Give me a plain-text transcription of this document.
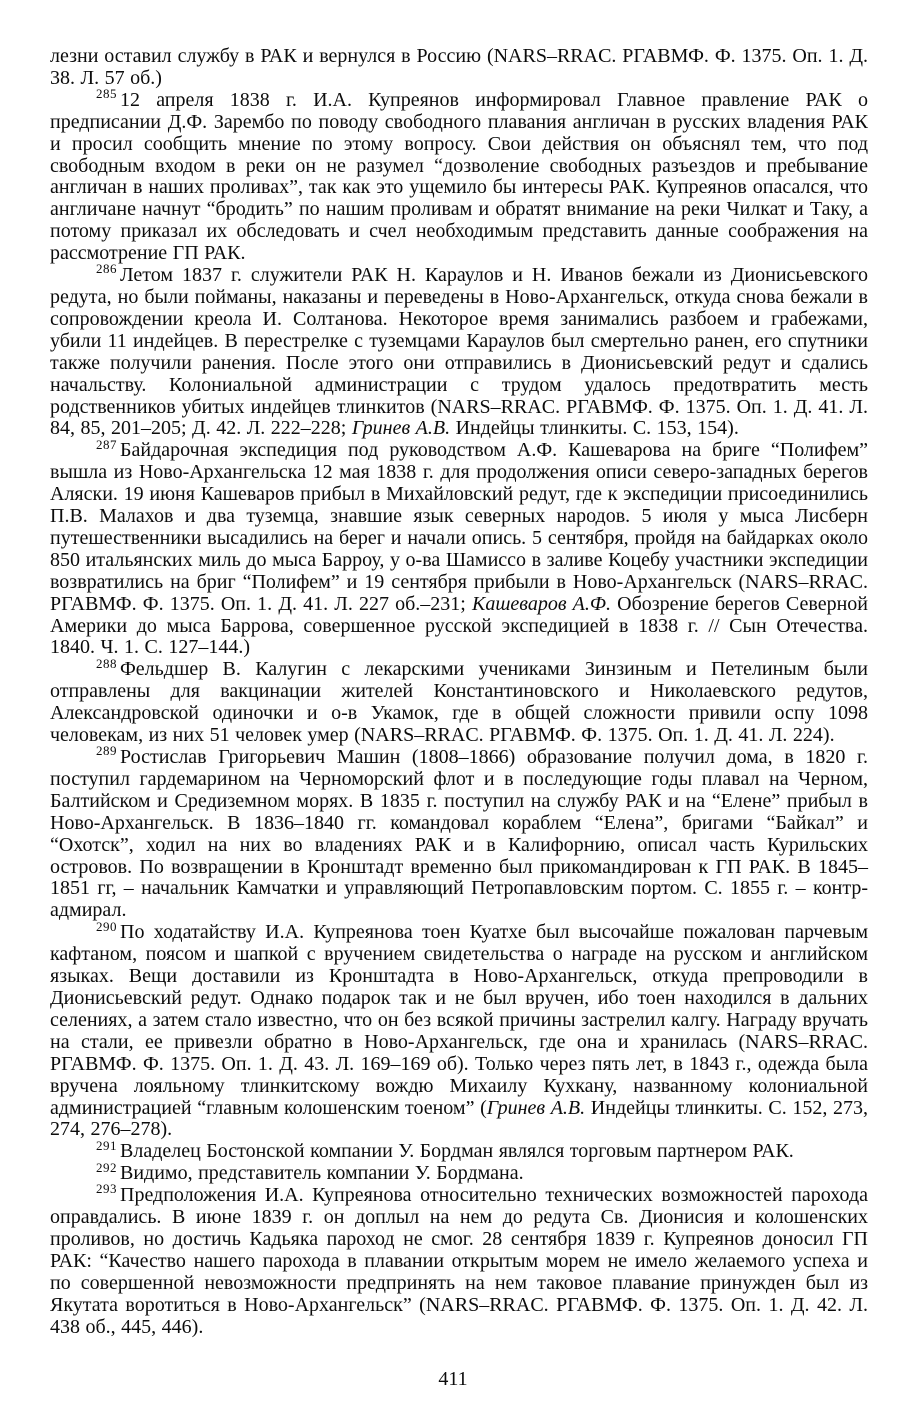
лезни оставил службу в РАК и вернулся в Россию (NARS–RRAC. РГАВМФ. Ф. 1375. Оп. 1. Д. 38. Л. 57 об.)

$^{285}$ 12 апреля 1838 г. И.А. Купреянов информировал Главное правление РАК о предписании Д.Ф. Зарембо по поводу свободного плавания англичан в русских владения РАК и просил сообщить мнение по этому вопросу. Свои действия он объяснял тем, что под свободным входом в реки он не разумел “дозволение свободных разъездов и пребывание англичан в наших проливах”, так как это ущемило бы интересы РАК. Купреянов опасался, что англичане начнут “бродить” по нашим проливам и обратят внимание на реки Чилкат и Таку, а потому приказал их обследовать и счел необходимым представить данные соображения на рассмотрение ГП РАК.

$^{286}$ Летом 1837 г. служители РАК Н. Караулов и Н. Иванов бежали из Дионисьевского редута, но были пойманы, наказаны и переведены в Ново-Архангельск, откуда снова бежали в сопровождении креола И. Солтанова. Некоторое время занимались разбоем и грабежами, убили 11 индейцев. В перестрелке с туземцами Караулов был смертельно ранен, его спутники также получили ранения. После этого они отправились в Дионисьевский редут и сдались начальству. Колониальной администрации с трудом удалось предотвратить месть родственников убитых индейцев тлинкитов (NARS–RRAC. РГАВМФ. Ф. 1375. Оп. 1. Д. 41. Л. 84, 85, 201–205; Д. 42. Л. 222–228; Гринев А.В. Индейцы тлинкиты. С. 153, 154).

$^{287}$ Байдарочная экспедиция под руководством А.Ф. Кашеварова на бриге “Полифем” вышла из Ново-Архангельска 12 мая 1838 г. для продолжения описи северо-западных берегов Аляски. 19 июня Кашеваров прибыл в Михайловский редут, где к экспедиции присоединились П.В. Малахов и два туземца, знавшие язык северных народов. 5 июля у мыса Лисберн путешественники высадились на берег и начали опись. 5 сентября, пройдя на байдарках около 850 итальянских миль до мыса Барроу, у о-ва Шамиссо в заливе Коцебу участники экспедиции возвратились на бриг “Полифем” и 19 сентября прибыли в Ново-Архангельск (NARS–RRAC. РГАВМФ. Ф. 1375. Оп. 1. Д. 41. Л. 227 об.–231; Кашеваров А.Ф. Обозрение берегов Северной Америки до мыса Баррова, совершенное русской экспедицией в 1838 г. // Сын Отечества. 1840. Ч. 1. С. 127–144.)

$^{288}$ Фельдшер В. Калугин с лекарскими учениками Зинзиным и Петелиным были отправлены для вакцинации жителей Константиновского и Николаевского редутов, Александровской одиночки и о-в Укамок, где в общей сложности привили оспу 1098 человекам, из них 51 человек умер (NARS–RRAC. РГАВМФ. Ф. 1375. Оп. 1. Д. 41. Л. 224).

$^{289}$ Ростислав Григорьевич Машин (1808–1866) образование получил дома, в 1820 г. поступил гардемарином на Черноморский флот и в последующие годы плавал на Черном, Балтийском и Средиземном морях. В 1835 г. поступил на службу РАК и на “Елене” прибыл в Ново-Архангельск. В 1836–1840 гг. командовал кораблем “Елена”, бригами “Байкал” и “Охотск”, ходил на них во владениях РАК и в Калифорнию, описал часть Курильских островов. По возвращении в Кронштадт временно был прикомандирован к ГП РАК. В 1845–1851 гг, – начальник Камчатки и управляющий Петропавловским портом. С. 1855 г. – контр-адмирал.

$^{290}$ По ходатайству И.А. Купреянова тоен Куатхе был высочайше пожалован парчевым кафтаном, поясом и шапкой с вручением свидетельства о награде на русском и английском языках. Вещи доставили из Кронштадта в Ново-Архангельск, откуда препроводили в Дионисьевский редут. Однако подарок так и не был вручен, ибо тоен находился в дальних селениях, а затем стало известно, что он без всякой причины застрелил калгу. Награду вручать на стали, ее привезли обратно в Ново-Архангельск, где она и хранилась (NARS–RRAC. РГАВМФ. Ф. 1375. Оп. 1. Д. 43. Л. 169–169 об). Только через пять лет, в 1843 г., одежда была вручена лояльному тлинкитскому вождю Михаилу Кухкану, названному колониальной администрацией “главным колошенским тоеном” (Гринев А.В. Индейцы тлинкиты. С. 152, 273, 274, 276–278).

$^{291}$ Владелец Бостонской компании У. Бордман являлся торговым партнером РАК.

$^{292}$ Видимо, представитель компании У. Бордмана.

$^{293}$ Предположения И.А. Купреянова относительно технических возможностей парохода оправдались. В июне 1839 г. он доплыл на нем до редута Св. Дионисия и колошенских проливов, но достичь Кадьяка пароход не смог. 28 сентября 1839 г. Купреянов доносил ГП РАК: “Качество нашего парохода в плавании открытым морем не имело желаемого успеха и по совершенной невозможности предпринять на нем таковое плавание принужден был из Якутата воротиться в Ново-Архангельск” (NARS–RRAC. РГАВМФ. Ф. 1375. Оп. 1. Д. 42. Л. 438 об., 445, 446).

411
